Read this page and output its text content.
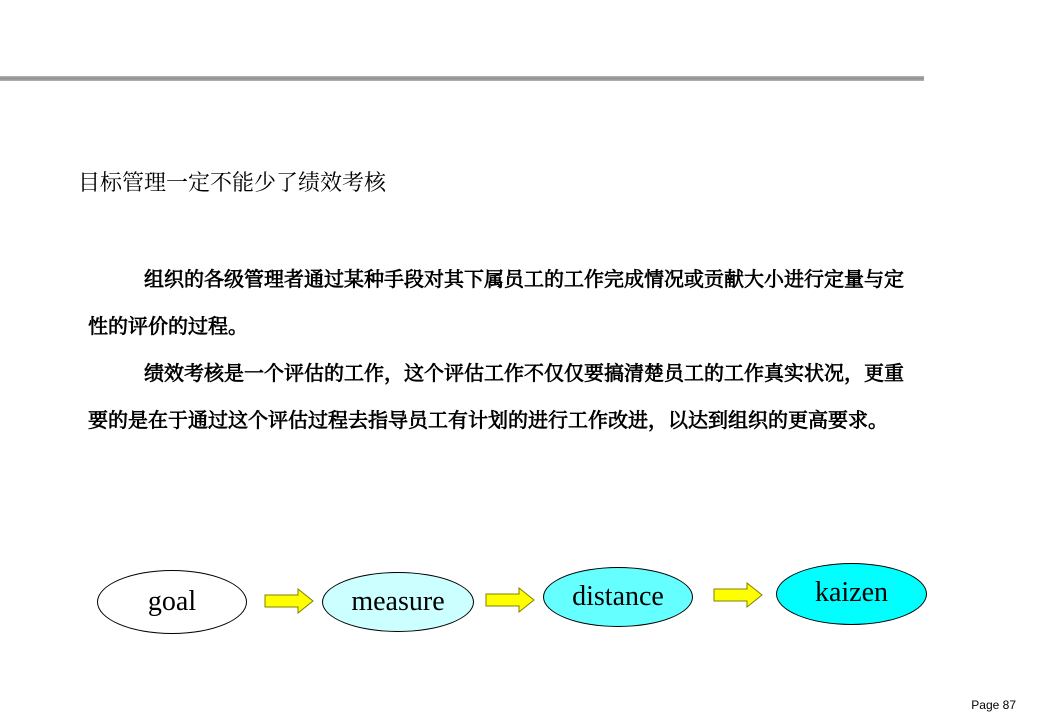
目标管理一定不能少了绩效考核

组织的各级管理者通过某种手段对其下属员工的工作完成情况或贡献大小进行定量与定性的评价的过程。

绩效考核是一个评估的工作，这个评估工作不仅仅要搞清楚员工的工作真实状况，更重要的是在于通过这个评估过程去指导员工有计划的进行工作改进，以达到组织的更高要求。

goal	measure	distance	kaizen
Page 87
